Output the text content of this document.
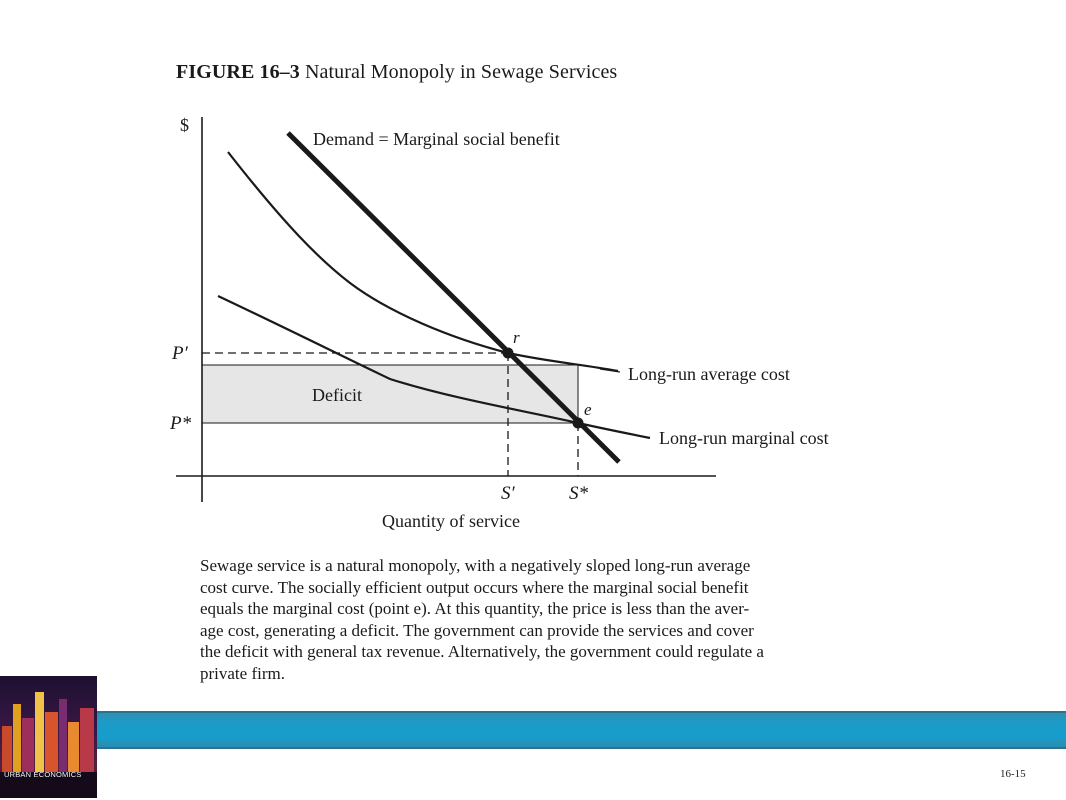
FIGURE 16–3 Natural Monopoly in Sewage Services
Deficit
$
Quantity of service
P′
P*
S′	S*
Long-run average cost
Long-run marginal cost
Demand = Marginal social benefit
r
e

Sewage service is a natural monopoly, with a negatively sloped long-run average
cost curve. The socially efficient output occurs where the marginal social benefit
equals the marginal cost (point e). At this quantity, the price is less than the aver-
age cost, generating a deficit. The government can provide the services and cover
the deficit with general tax revenue. Alternatively, the government could regulate a
private firm.

URBAN ECONOMICS	16-15
